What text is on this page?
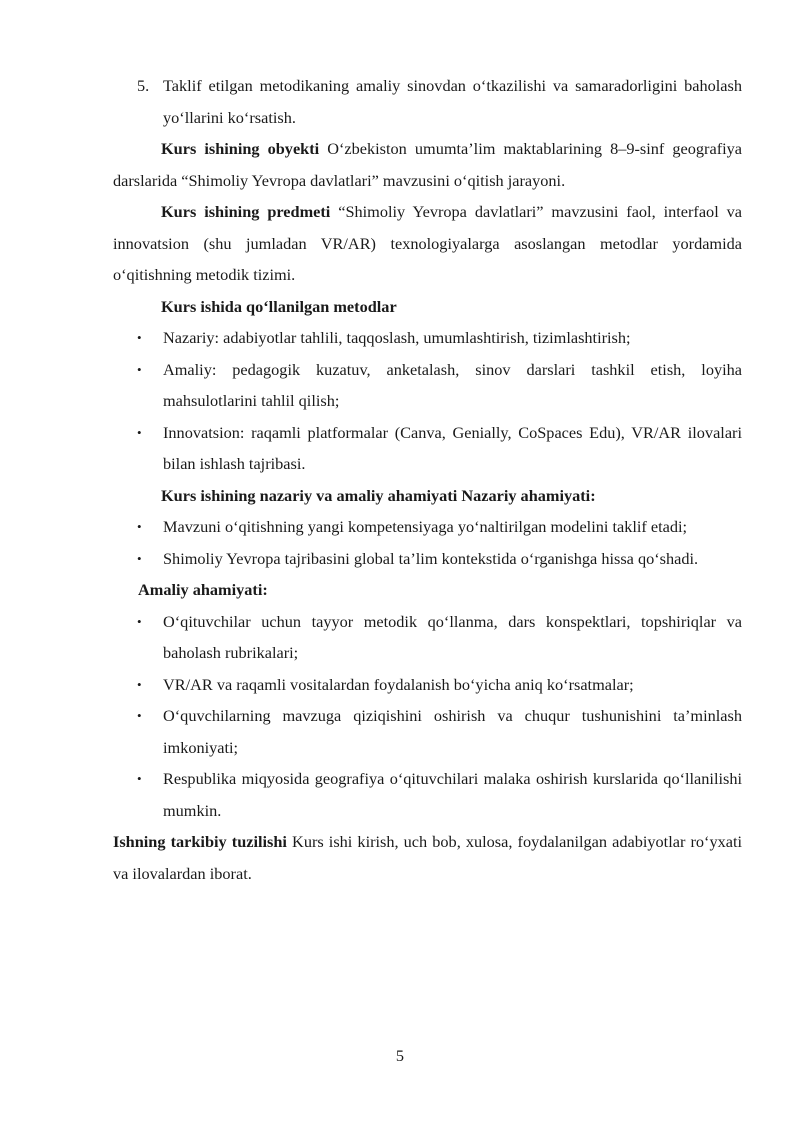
5. Taklif etilgan metodikaning amaliy sinovdan o‘tkazilishi va samaradorligini baholash yo‘llarini ko‘rsatish.
Kurs ishining obyekti O‘zbekiston umumta’lim maktablarining 8–9-sinf geografiya darslarida “Shimoliy Yevropa davlatlari” mavzusini o‘qitish jarayoni.
Kurs ishining predmeti “Shimoliy Yevropa davlatlari” mavzusini faol, interfaol va innovatsion (shu jumladan VR/AR) texnologiyalarga asoslangan metodlar yordamida o‘qitishning metodik tizimi.
Kurs ishida qo‘llanilgan metodlar
• Nazariy: adabiyotlar tahlili, taqqoslash, umumlashtirish, tizimlashtirish;
• Amaliy: pedagogik kuzatuv, anketalash, sinov darslari tashkil etish, loyiha mahsulotlarini tahlil qilish;
• Innovatsion: raqamli platformalar (Canva, Genially, CoSpaces Edu), VR/AR ilovalari bilan ishlash tajribasi.
Kurs ishining nazariy va amaliy ahamiyati Nazariy ahamiyati:
• Mavzuni o‘qitishning yangi kompetensiyaga yo‘naltirilgan modelini taklif etadi;
• Shimoliy Yevropa tajribasini global ta’lim kontekstida o‘rganishga hissa qo‘shadi.
Amaliy ahamiyati:
• O‘qituvchilar uchun tayyor metodik qo‘llanma, dars konspektlari, topshiriqlar va baholash rubrikalari;
• VR/AR va raqamli vositalardan foydalanish bo‘yicha aniq ko‘rsatmalar;
• O‘quvchilarning mavzuga qiziqishini oshirish va chuqur tushunishini ta’minlash imkoniyati;
• Respublika miqyosida geografiya o‘qituvchilari malaka oshirish kurslarida qo‘llanilishi mumkin.
Ishning tarkibiy tuzilishi Kurs ishi kirish, uch bob, xulosa, foydalanilgan adabiyotlar ro‘yxati va ilovalardan iborat.
5
